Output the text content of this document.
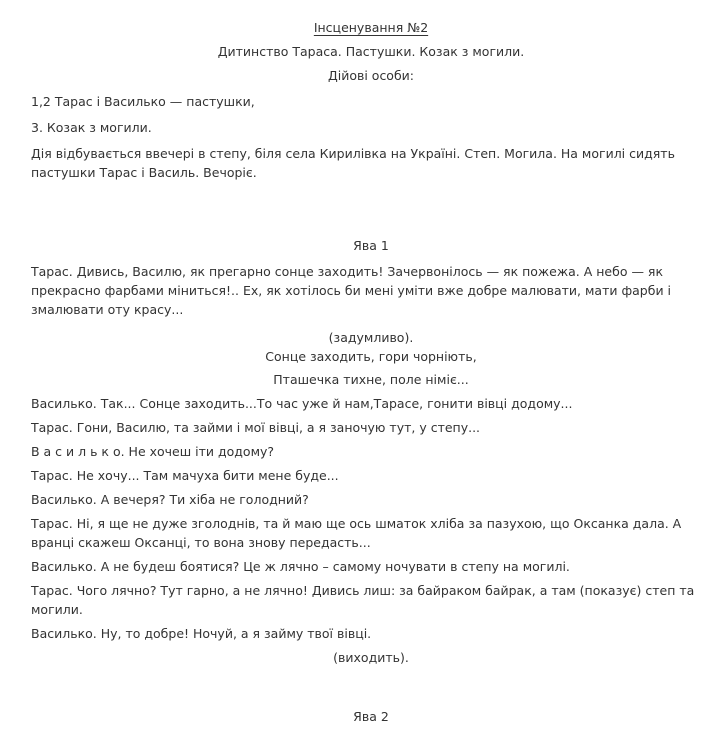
Інсценування №2
Дитинство Тараса. Пастушки. Козак з могили.
Дійові особи:
1,2 Тарас і Василько — пастушки,
3. Козак з могили.
Дія відбувається ввечері в степу, біля села Кирилівка на Україні. Степ. Могила. На могилі сидять пастушки Тарас і Василь. Вечоріє.
Ява 1
Тарас. Дивись, Василю, як прегарно сонце заходить! Зачервонілось — як пожежа. А небо — як прекрасно фарбами міниться!.. Ех, як хотілось би мені уміти вже добре малювати, мати фарби і змалювати оту красу...
(задумливо).
Сонце заходить, гори чорніють,
Пташечка тихне, поле німіє...
Василько. Так... Сонце заходить...То час уже й нам,Тарасе, гонити вівці додому...
Тарас. Гони, Василю, та займи і мої вівці, а я заночую тут, у степу...
В а с и л ь к о. Не хочеш іти додому?
Тарас. Не хочу... Там мачуха бити мене буде...
Василько. А вечеря? Ти хіба не голодний?
Тарас. Ні, я ще не дуже зголоднів, та й маю ще ось шматок хліба за пазухою, що Оксанка дала. А вранці скажеш Оксанці, то вона знову передасть...
Василько. А не будеш боятися? Це ж лячно – самому ночувати в степу на могилі.
Тарас. Чого лячно? Тут гарно, а не лячно! Дивись лиш: за байраком байрак, а там (показує) степ та могили.
Василько. Ну, то добре! Ночуй, а я займу твої вівці.
(виходить).
Ява 2
